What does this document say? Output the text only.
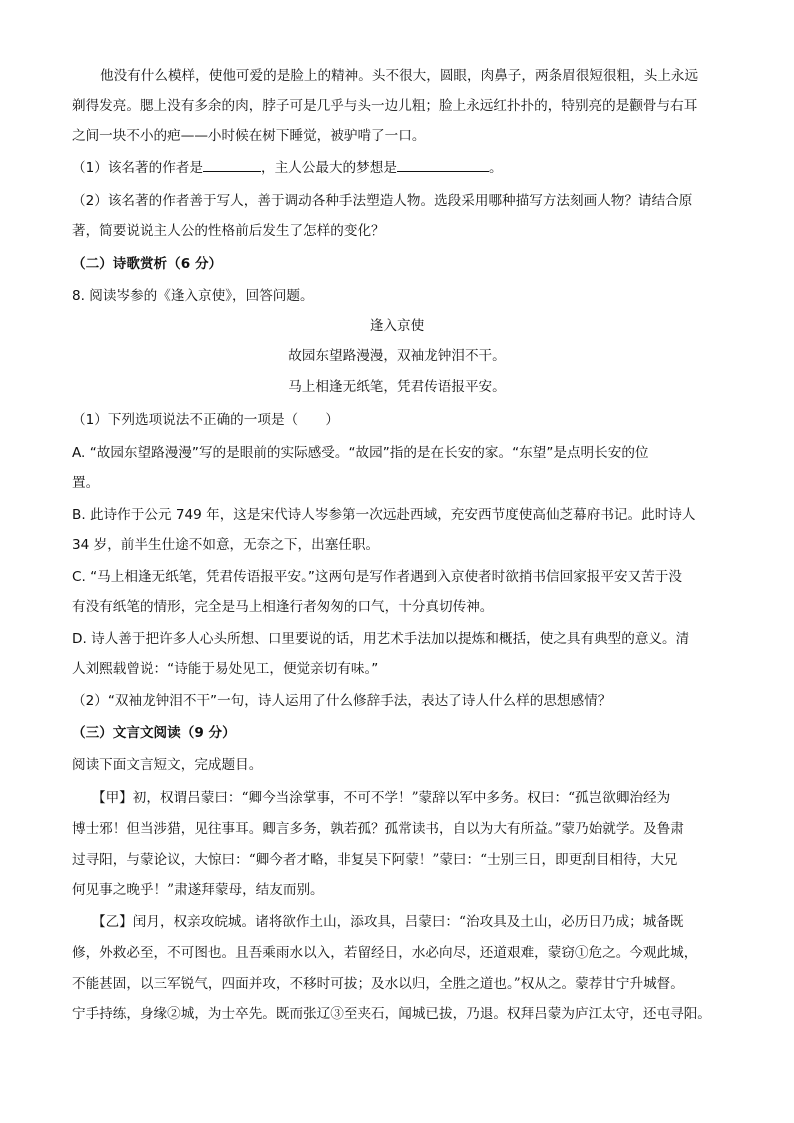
他没有什么模样，使他可爱的是脸上的精神。头不很大，圆眼，肉鼻子，两条眉很短很粗，头上永远
剃得发亮。腮上没有多余的肉，脖子可是几乎与头一边儿粗；脸上永远红扑扑的，特别亮的是颧骨与右耳
之间一块不小的疤——小时候在树下睡觉，被驴啃了一口。
（1）该名著的作者是	，主人公最大的梦想是	。
（2）该名著的作者善于写人，善于调动各种手法塑造人物。选段采用哪种描写方法刻画人物？请结合原
著，简要说说主人公的性格前后发生了怎样的变化？
（二）诗歌赏析（6 分）
8. 阅读岑参的《逢入京使》，回答问题。
逢入京使
故园东望路漫漫，双袖龙钟泪不干。
马上相逢无纸笔，凭君传语报平安。
（1）下列选项说法不正确的一项是（　　）
A. “故园东望路漫漫”写的是眼前的实际感受。“故园”指的是在长安的家。“东望”是点明长安的位
置。
B. 此诗作于公元 749 年，这是宋代诗人岑参第一次远赴西域，充安西节度使高仙芝幕府书记。此时诗人
34 岁，前半生仕途不如意，无奈之下，出塞任职。
C. “马上相逢无纸笔，凭君传语报平安。”这两句是写作者遇到入京使者时欲捎书信回家报平安又苦于没
有没有纸笔的情形，完全是马上相逢行者匆匆的口气，十分真切传神。
D. 诗人善于把许多人心头所想、口里要说的话，用艺术手法加以提炼和概括，使之具有典型的意义。清
人刘熙载曾说：“诗能于易处见工，便觉亲切有味。”
（2）“双袖龙钟泪不干”一句，诗人运用了什么修辞手法，表达了诗人什么样的思想感情？
（三）文言文阅读（9 分）
阅读下面文言短文，完成题目。
【甲】初，权谓吕蒙曰：“卿今当涂掌事，不可不学！”蒙辞以军中多务。权曰：“孤岂欲卿治经为
博士邪！但当涉猎，见往事耳。卿言多务，孰若孤？孤常读书，自以为大有所益。”蒙乃始就学。及鲁肃
过寻阳，与蒙论议，大惊曰：“卿今者才略，非复吴下阿蒙！”蒙曰：“士别三日，即更刮目相待，大兄
何见事之晚乎！”肃遂拜蒙母，结友而别。
【乙】闰月，权亲攻皖城。诸将欲作土山，添攻具，吕蒙曰：“治攻具及土山，必历日乃成；城备既
修，外救必至，不可图也。且吾乘雨水以入，若留经日，水必向尽，还道艰难，蒙窃①危之。今观此城，
不能甚固，以三军锐气，四面并攻，不移时可拔；及水以归，全胜之道也。”权从之。蒙荐甘宁升城督。
宁手持练，身缘②城，为士卒先。既而张辽③至夹石，闻城已拔，乃退。权拜吕蒙为庐江太守，还屯寻阳。
